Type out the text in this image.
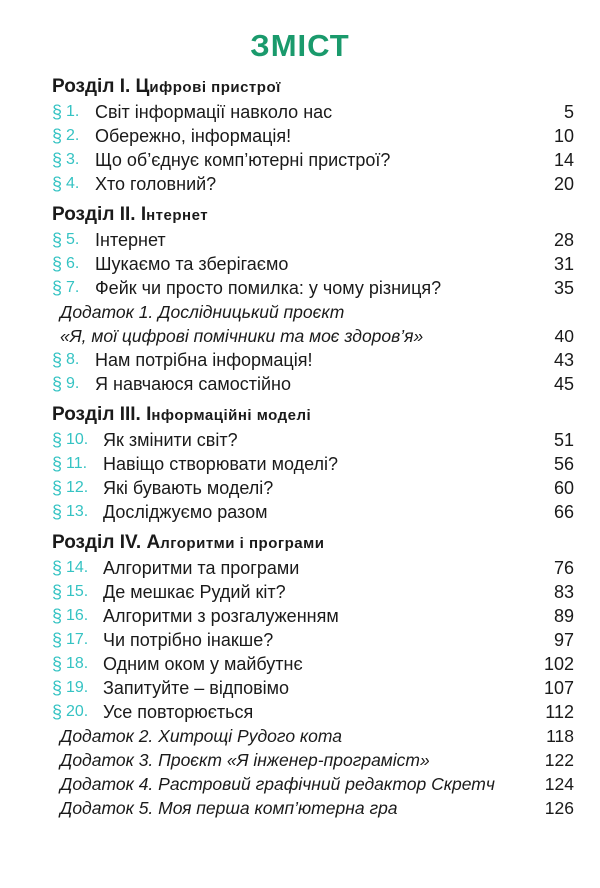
ЗМІСТ
Розділ І. Цифрові пристрої
§ 1. Світ інформації навколо нас	5
§ 2. Обережно, інформація!	10
§ 3. Що об’єднує комп’ютерні пристрої?	14
§ 4. Хто головний?	20
Розділ ІІ. Інтернет
§ 5. Інтернет	28
§ 6. Шукаємо та зберігаємо	31
§ 7. Фейк чи просто помилка: у чому різниця?	35
Додаток 1. Дослідницький проєкт
«Я, мої цифрові помічники та моє здоров’я»	40
§ 8. Нам потрібна інформація!	43
§ 9. Я навчаюся самостійно	45
Розділ ІІІ. Інформаційні моделі
§ 10. Як змінити світ?	51
§ 11. Навіщо створювати моделі?	56
§ 12. Які бувають моделі?	60
§ 13. Досліджуємо разом	66
Розділ IV. Алгоритми і програми
§ 14. Алгоритми та програми	76
§ 15. Де мешкає Рудий кіт?	83
§ 16. Алгоритми з розгалуженням	89
§ 17. Чи потрібно інакше?	97
§ 18. Одним оком у майбутнє	102
§ 19. Запитуйте – відповімо	107
§ 20. Усе повторюється	112
Додаток 2. Хитрощі Рудого кота	118
Додаток 3. Проєкт «Я інженер-програміст»	122
Додаток 4. Растровий графічний редактор Скретч	124
Додаток 5. Моя перша комп’ютерна гра	126
